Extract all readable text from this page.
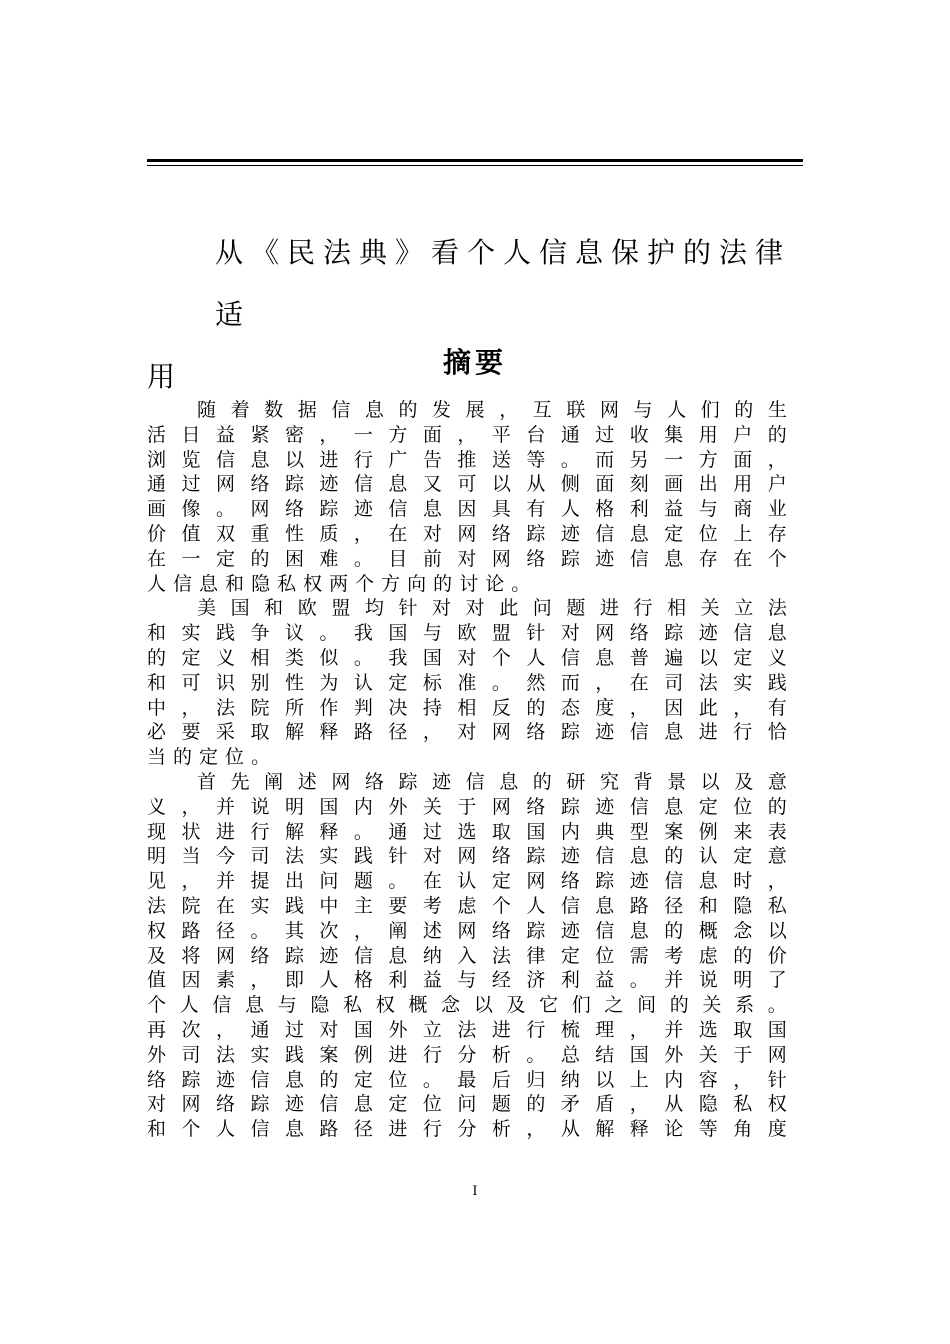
从《民法典》看个人信息保护的法律适
用	摘要
随 着 数 据 信 息 的 发 展 ， 互 联 网 与 人 们 的 生
活 日 益 紧 密 ， 一 方 面 ， 平 台 通 过 收 集 用 户 的
浏 览 信 息 以 进 行 广 告 推 送 等 。 而 另 一 方 面 ，
通 过 网 络 踪 迹 信 息 又 可 以 从 侧 面 刻 画 出 用 户
画 像 。 网 络 踪 迹 信 息 因 具 有 人 格 利 益 与 商 业
价 值 双 重 性 质 ， 在 对 网 络 踪 迹 信 息 定 位 上 存
在 一 定 的 困 难 。 目 前 对 网 络 踪 迹 信 息 存 在 个
人 信 息 和 隐 私 权 两 个 方 向 的 讨 论 。
美 国 和 欧 盟 均 针 对 对 此 问 题 进 行 相 关 立 法
和 实 践 争 议 。 我 国 与 欧 盟 针 对 网 络 踪 迹 信 息
的 定 义 相 类 似 。 我 国 对 个 人 信 息 普 遍 以 定 义
和 可 识 别 性 为 认 定 标 准 。 然 而 ， 在 司 法 实 践
中 ， 法 院 所 作 判 决 持 相 反 的 态 度 ， 因 此 ， 有
必 要 采 取 解 释 路 径 ， 对 网 络 踪 迹 信 息 进 行 恰
当 的 定 位 。
首 先 阐 述 网 络 踪 迹 信 息 的 研 究 背 景 以 及 意
义 ， 并 说 明 国 内 外 关 于 网 络 踪 迹 信 息 定 位 的
现 状 进 行 解 释 。 通 过 选 取 国 内 典 型 案 例 来 表
明 当 今 司 法 实 践 针 对 网 络 踪 迹 信 息 的 认 定 意
见 ， 并 提 出 问 题 。 在 认 定 网 络 踪 迹 信 息 时 ，
法 院 在 实 践 中 主 要 考 虑 个 人 信 息 路 径 和 隐 私
权 路 径 。 其 次 ， 阐 述 网 络 踪 迹 信 息 的 概 念 以
及 将 网 络 踪 迹 信 息 纳 入 法 律 定 位 需 考 虑 的 价
值 因 素 ， 即 人 格 利 益 与 经 济 利 益 。 并 说 明 了
个 人 信 息 与 隐 私 权 概 念 以 及 它 们 之 间 的 关 系 。
再 次 ， 通 过 对 国 外 立 法 进 行 梳 理 ， 并 选 取 国
外 司 法 实 践 案 例 进 行 分 析 。 总 结 国 外 关 于 网
络 踪 迹 信 息 的 定 位 。 最 后 归 纳 以 上 内 容 ， 针
对 网 络 踪 迹 信 息 定 位 问 题 的 矛 盾 ， 从 隐 私 权
和 个 人 信 息 路 径 进 行 分 析 ， 从 解 释 论 等 角 度
I
